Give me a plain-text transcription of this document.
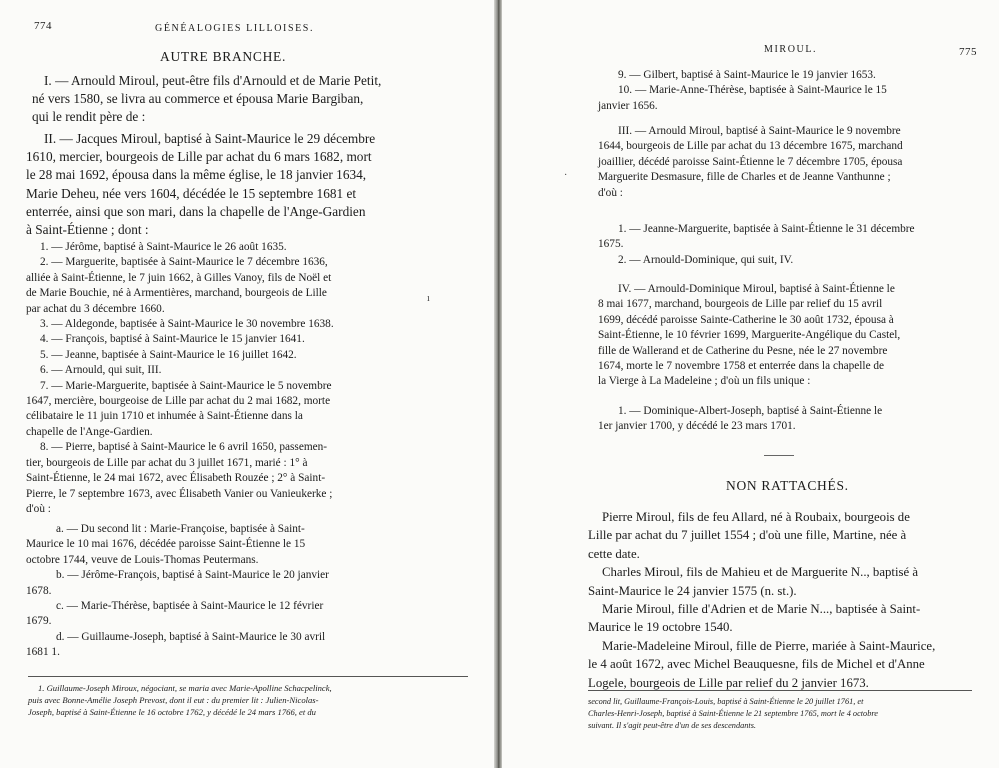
774	GÉNÉALOGIES LILLOISES.
AUTRE BRANCHE.
I. — Arnould Miroul, peut-être fils d'Arnould et de Marie Petit,
né vers 1580, se livra au commerce et épousa Marie Bargiban,
qui le rendit père de :
II. — Jacques Miroul, baptisé à Saint-Maurice le 29 décembre
1610, mercier, bourgeois de Lille par achat du 6 mars 1682, mort
le 28 mai 1692, épousa dans la même église, le 18 janvier 1634,
Marie Deheu, née vers 1604, décédée le 15 septembre 1681 et
enterrée, ainsi que son mari, dans la chapelle de l'Ange-Gardien
à Saint-Étienne ; dont :
1. — Jérôme, baptisé à Saint-Maurice le 26 août 1635.
2. — Marguerite, baptisée à Saint-Maurice le 7 décembre 1636,
alliée à Saint-Étienne, le 7 juin 1662, à Gilles Vanoy, fils de Noël et
de Marie Bouchie, né à Armentières, marchand, bourgeois de Lille
par achat du 3 décembre 1660.
3. — Aldegonde, baptisée à Saint-Maurice le 30 novembre 1638.
4. — François, baptisé à Saint-Maurice le 15 janvier 1641.
5. — Jeanne, baptisée à Saint-Maurice le 16 juillet 1642.
6. — Arnould, qui suit, III.
7. — Marie-Marguerite, baptisée à Saint-Maurice le 5 novembre
1647, mercière, bourgeoise de Lille par achat du 2 mai 1682, morte
célibataire le 11 juin 1710 et inhumée à Saint-Étienne dans la
chapelle de l'Ange-Gardien.
8. — Pierre, baptisé à Saint-Maurice le 6 avril 1650, passemen-
tier, bourgeois de Lille par achat du 3 juillet 1671, marié : 1° à
Saint-Étienne, le 24 mai 1672, avec Élisabeth Rouzée ; 2° à Saint-
Pierre, le 7 septembre 1673, avec Élisabeth Vanier ou Vanieukerke ;
d'où :
a. — Du second lit : Marie-Françoise, baptisée à Saint-
Maurice le 10 mai 1676, décédée paroisse Saint-Étienne le 15
octobre 1744, veuve de Louis-Thomas Peutermans.
b. — Jérôme-François, baptisé à Saint-Maurice le 20 janvier
1678.
c. — Marie-Thérèse, baptisée à Saint-Maurice le 12 février
1679.
d. — Guillaume-Joseph, baptisé à Saint-Maurice le 30 avril
1681 1.
1. Guillaume-Joseph Miroux, négociant, se maria avec Marie-Apolline Schacpelinck,
puis avec Bonne-Amélie Joseph Prevost, dont il eut : du premier lit : Julien-Nicolas-
Joseph, baptisé à Saint-Étienne le 16 octobre 1762, y décédé le 24 mars 1766, et du
ı
MIROUL.	775
9. — Gilbert, baptisé à Saint-Maurice le 19 janvier 1653.
10. — Marie-Anne-Thérèse, baptisée à Saint-Maurice le 15
janvier 1656.
III. — Arnould Miroul, baptisé à Saint-Maurice le 9 novembre
1644, bourgeois de Lille par achat du 13 décembre 1675, marchand
joaillier, décédé paroisse Saint-Étienne le 7 décembre 1705, épousa
Marguerite Desmasure, fille de Charles et de Jeanne Vanthunne ;
d'où :
1. — Jeanne-Marguerite, baptisée à Saint-Étienne le 31 décembre
1675.
2. — Arnould-Dominique, qui suit, IV.
IV. — Arnould-Dominique Miroul, baptisé à Saint-Étienne le
8 mai 1677, marchand, bourgeois de Lille par relief du 15 avril
1699, décédé paroisse Sainte-Catherine le 30 août 1732, épousa à
Saint-Étienne, le 10 février 1699, Marguerite-Angélique du Castel,
fille de Wallerand et de Catherine du Pesne, née le 27 novembre
1674, morte le 7 novembre 1758 et enterrée dans la chapelle de
la Vierge à La Madeleine ; d'où un fils unique :
1. — Dominique-Albert-Joseph, baptisé à Saint-Étienne le
1er janvier 1700, y décédé le 23 mars 1701.
NON RATTACHÉS.
Pierre Miroul, fils de feu Allard, né à Roubaix, bourgeois de
Lille par achat du 7 juillet 1554 ; d'où une fille, Martine, née à
cette date.
Charles Miroul, fils de Mahieu et de Marguerite N.., baptisé à
Saint-Maurice le 24 janvier 1575 (n. st.).
Marie Miroul, fille d'Adrien et de Marie N..., baptisée à Saint-
Maurice le 19 octobre 1540.
Marie-Madeleine Miroul, fille de Pierre, mariée à Saint-Maurice,
le 4 août 1672, avec Michel Beauquesne, fils de Michel et d'Anne
Logele, bourgeois de Lille par relief du 2 janvier 1673.
second lit, Guillaume-François-Louis, baptisé à Saint-Étienne le 20 juillet 1761, et
Charles-Henri-Joseph, baptisé à Saint-Étienne le 21 septembre 1765, mort le 4 octobre
suivant. Il s'agit peut-être d'un de ses descendants.
·
